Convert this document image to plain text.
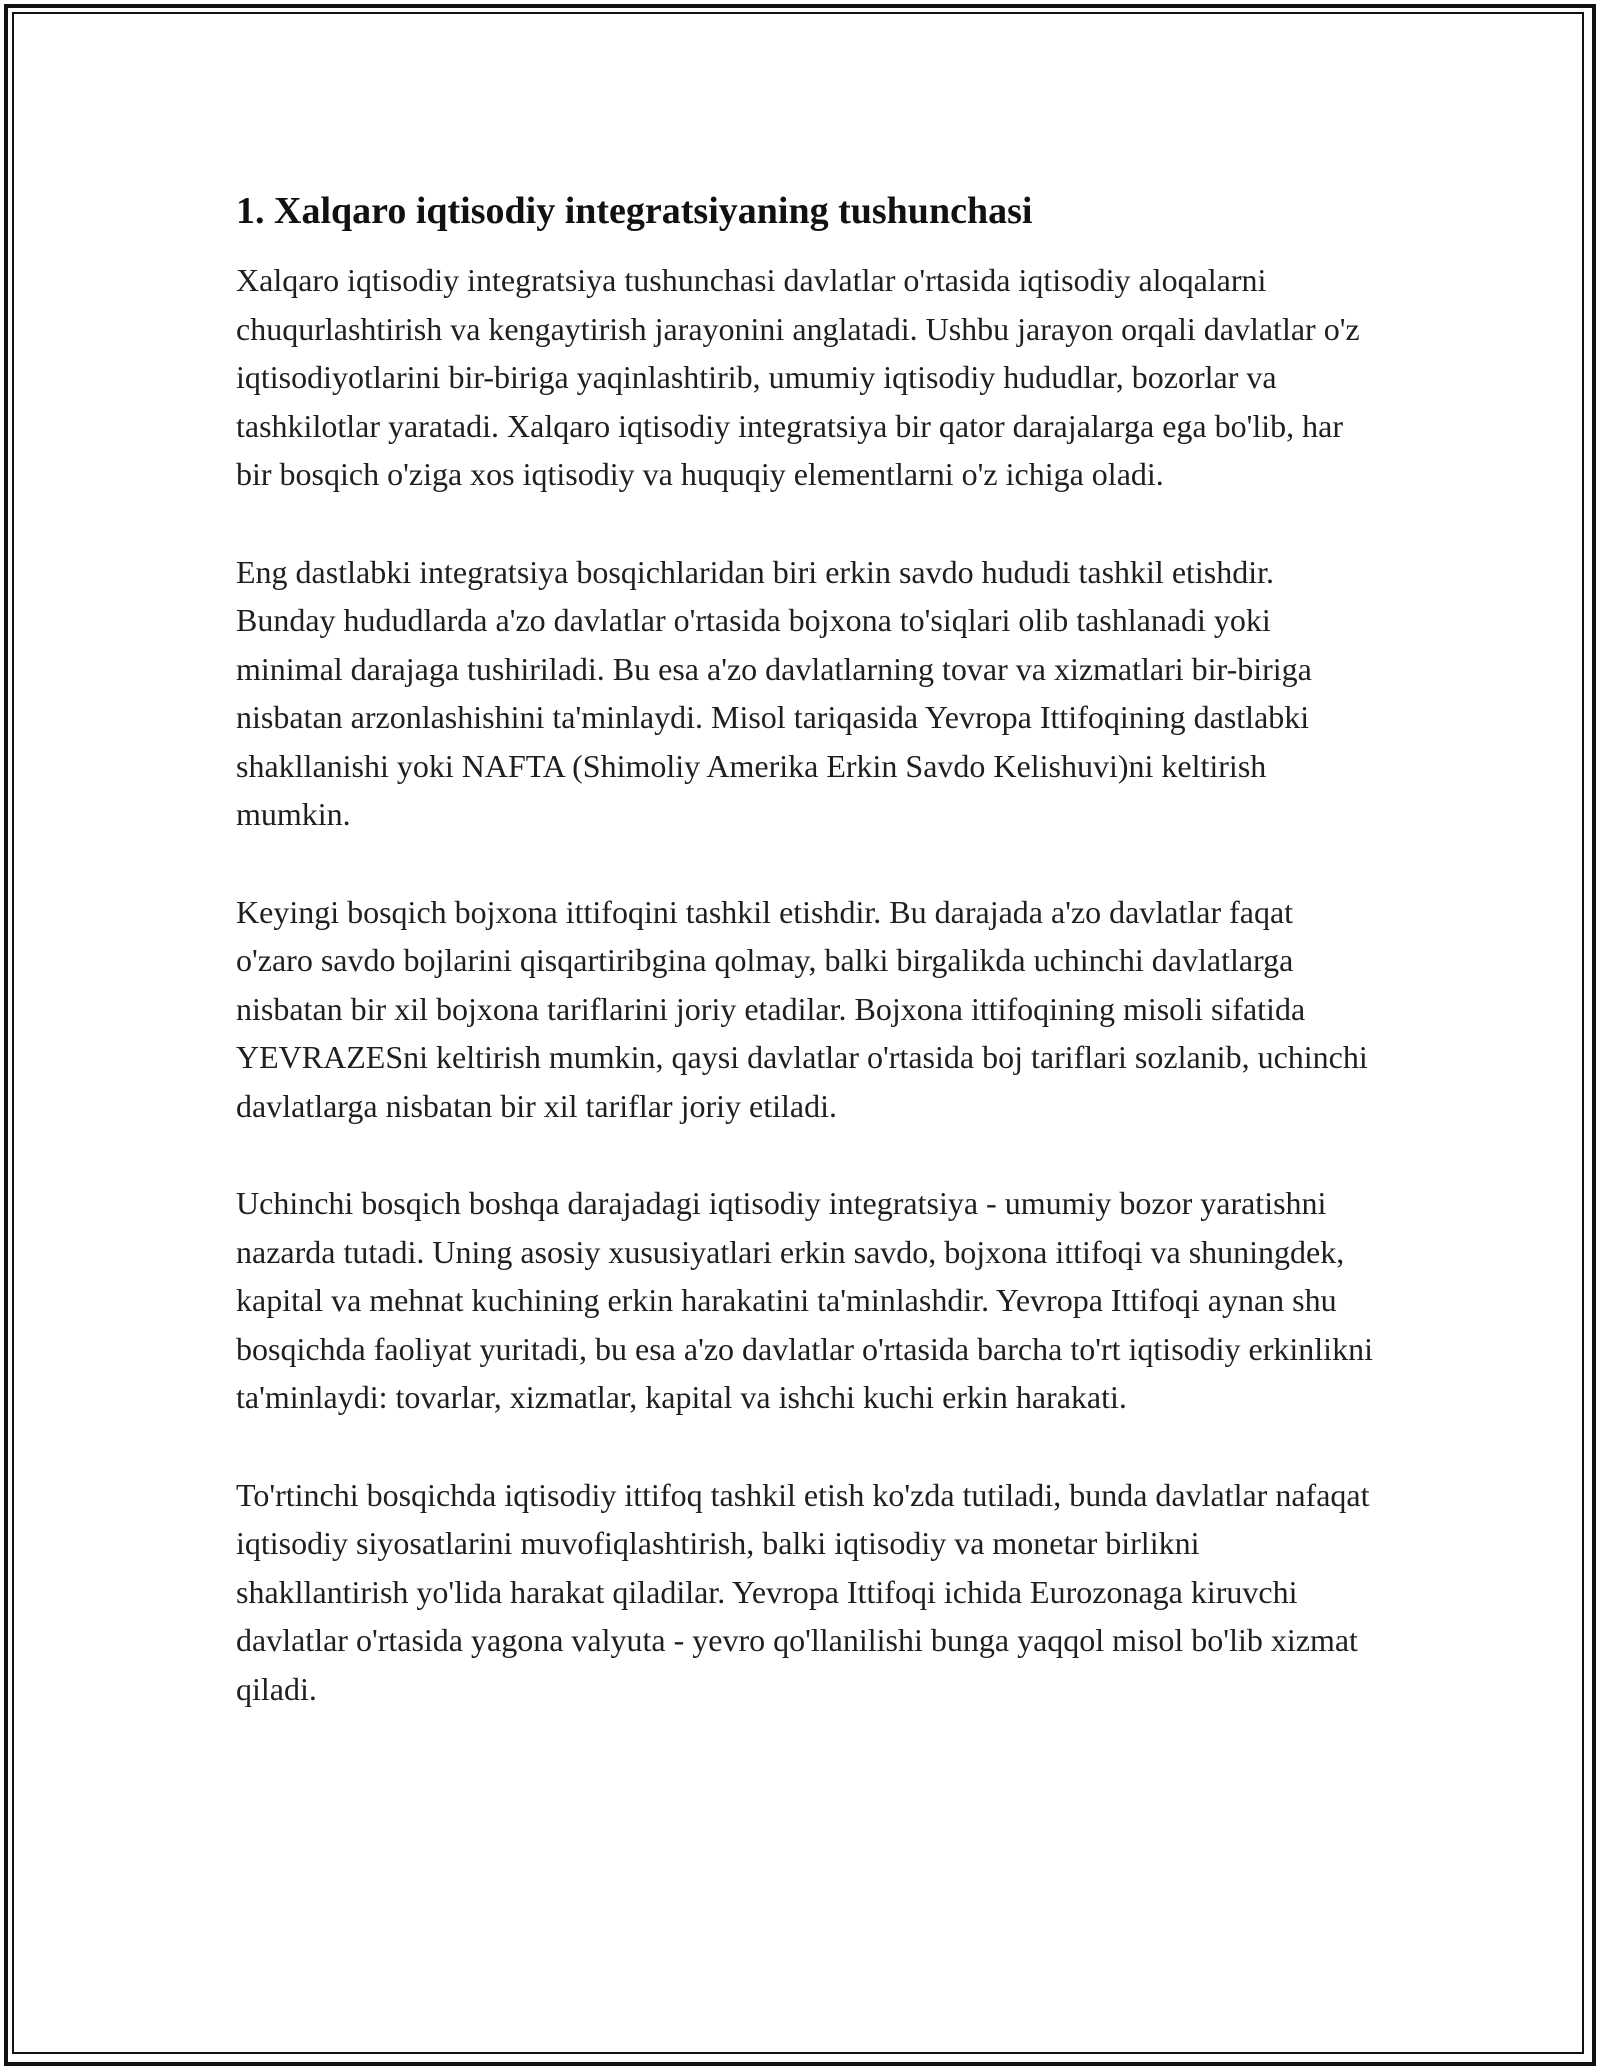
1. Xalqaro iqtisodiy integratsiyaning tushunchasi

Xalqaro iqtisodiy integratsiya tushunchasi davlatlar o'rtasida iqtisodiy aloqalarni chuqurlashtirish va kengaytirish jarayonini anglatadi. Ushbu jarayon orqali davlatlar o'z iqtisodiyotlarini bir-biriga yaqinlashtirib, umumiy iqtisodiy hududlar, bozorlar va tashkilotlar yaratadi. Xalqaro iqtisodiy integratsiya bir qator darajalarga ega bo'lib, har bir bosqich o'ziga xos iqtisodiy va huquqiy elementlarni o'z ichiga oladi.

Eng dastlabki integratsiya bosqichlaridan biri erkin savdo hududi tashkil etishdir. Bunday hududlarda a'zo davlatlar o'rtasida bojxona to'siqlari olib tashlanadi yoki minimal darajaga tushiriladi. Bu esa a'zo davlatlarning tovar va xizmatlari bir-biriga nisbatan arzonlashishini ta'minlaydi. Misol tariqasida Yevropa Ittifoqining dastlabki shakllanishi yoki NAFTA (Shimoliy Amerika Erkin Savdo Kelishuvi)ni keltirish mumkin.

Keyingi bosqich bojxona ittifoqini tashkil etishdir. Bu darajada a'zo davlatlar faqat o'zaro savdo bojlarini qisqartiribgina qolmay, balki birgalikda uchinchi davlatlarga nisbatan bir xil bojxona tariflarini joriy etadilar. Bojxona ittifoqining misoli sifatida YEVRAZESni keltirish mumkin, qaysi davlatlar o'rtasida boj tariflari sozlanib, uchinchi davlatlarga nisbatan bir xil tariflar joriy etiladi.

Uchinchi bosqich boshqa darajadagi iqtisodiy integratsiya - umumiy bozor yaratishni nazarda tutadi. Uning asosiy xususiyatlari erkin savdo, bojxona ittifoqi va shuningdek, kapital va mehnat kuchining erkin harakatini ta'minlashdir. Yevropa Ittifoqi aynan shu bosqichda faoliyat yuritadi, bu esa a'zo davlatlar o'rtasida barcha to'rt iqtisodiy erkinlikni ta'minlaydi: tovarlar, xizmatlar, kapital va ishchi kuchi erkin harakati.

To'rtinchi bosqichda iqtisodiy ittifoq tashkil etish ko'zda tutiladi, bunda davlatlar nafaqat iqtisodiy siyosatlarini muvofiqlashtirish, balki iqtisodiy va monetar birlikni shakllantirish yo'lida harakat qiladilar. Yevropa Ittifoqi ichida Eurozonaga kiruvchi davlatlar o'rtasida yagona valyuta - yevro qo'llanilishi bunga yaqqol misol bo'lib xizmat qiladi.
